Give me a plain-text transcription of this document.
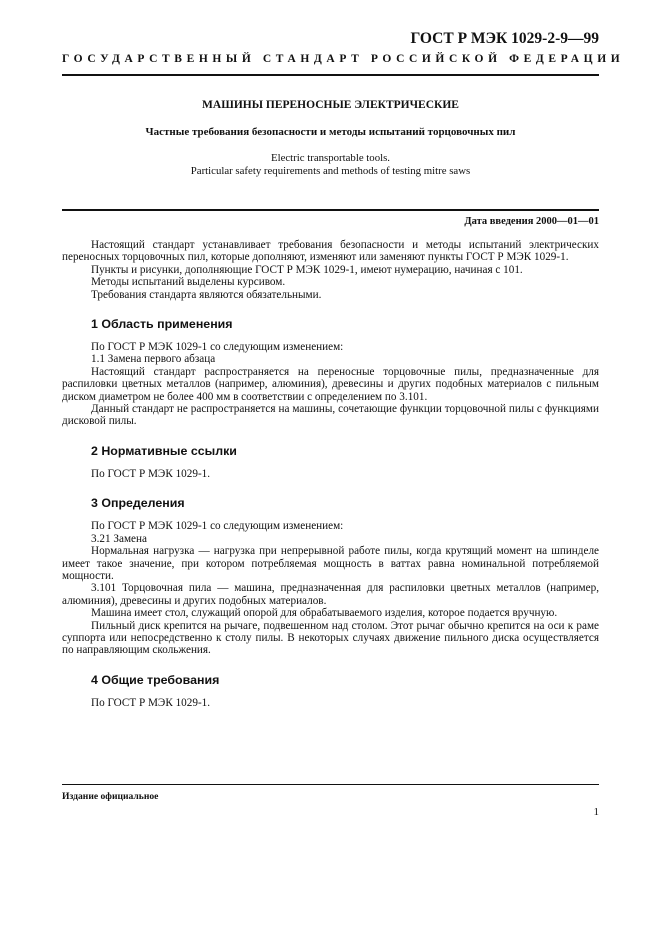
ГОСТ Р МЭК 1029-2-9—99
ГОСУДАРСТВЕННЫЙ СТАНДАРТ РОССИЙСКОЙ ФЕДЕРАЦИИ
МАШИНЫ ПЕРЕНОСНЫЕ ЭЛЕКТРИЧЕСКИЕ
Частные требования безопасности и методы испытаний торцовочных пил
Electric transportable tools.
Particular safety requirements and methods of testing mitre saws
Дата введения 2000—01—01

Настоящий стандарт устанавливает требования безопасности и методы испытаний электрических переносных торцовочных пил, которые дополняют, изменяют или заменяют пункты ГОСТ Р МЭК 1029-1.

Пункты и рисунки, дополняющие ГОСТ Р МЭК 1029-1, имеют нумерацию, начиная с 101.

Методы испытаний выделены курсивом.

Требования стандарта являются обязательными.

1 Область применения

По ГОСТ Р МЭК 1029-1 со следующим изменением:

1.1 Замена первого абзаца

Настоящий стандарт распространяется на переносные торцовочные пилы, предназначенные для распиловки цветных металлов (например, алюминия), древесины и других подобных материалов с пильным диском диаметром не более 400 мм в соответствии с определением по 3.101.

Данный стандарт не распространяется на машины, сочетающие функции торцовочной пилы с функциями дисковой пилы.

2 Нормативные ссылки

По ГОСТ Р МЭК 1029-1.

3 Определения

По ГОСТ Р МЭК 1029-1 со следующим изменением:

3.21 Замена

Нормальная нагрузка — нагрузка при непрерывной работе пилы, когда крутящий момент на шпинделе имеет такое значение, при котором потребляемая мощность в ваттах равна номинальной потребляемой мощности.

3.101 Торцовочная пила — машина, предназначенная для распиловки цветных металлов (например, алюминия), древесины и других подобных материалов.

Машина имеет стол, служащий опорой для обрабатываемого изделия, которое подается вручную.

Пильный диск крепится на рычаге, подвешенном над столом. Этот рычаг обычно крепится на оси к раме суппорта или непосредственно к столу пилы. В некоторых случаях движение пильного диска осуществляется по направляющим скольжения.

4 Общие требования

По ГОСТ Р МЭК 1029-1.

Издание официальное
1
